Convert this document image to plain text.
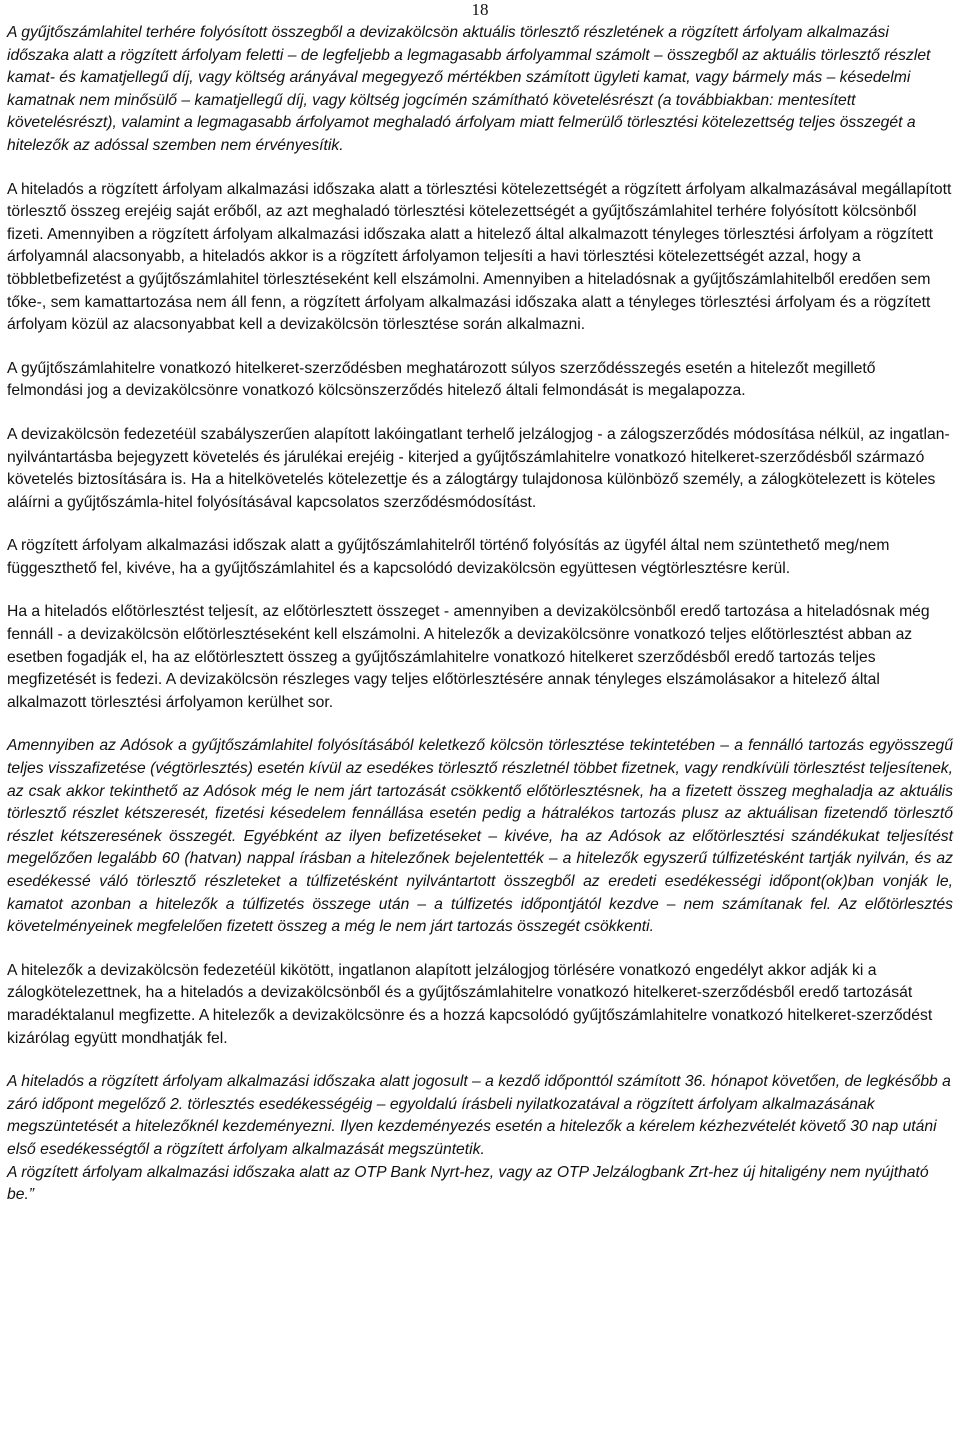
18

A gyűjtőszámlahitel terhére folyósított összegből a devizakölcsön aktuális törlesztő részletének a rögzített árfolyam alkalmazási időszaka alatt a rögzített árfolyam feletti – de legfeljebb a legmagasabb árfolyammal számolt – összegből az aktuális törlesztő részlet kamat- és kamatjellegű díj, vagy költség arányával megegyező mértékben számított ügyleti kamat, vagy bármely más – késedelmi kamatnak nem minősülő – kamatjellegű díj, vagy költség jogcímén számítható követelésrészt (a továbbiakban: mentesített követelésrészt), valamint a legmagasabb árfolyamot meghaladó árfolyam miatt felmerülő törlesztési kötelezettség teljes összegét a hitelezők az adóssal szemben nem érvényesítik.

A hiteladós a rögzített árfolyam alkalmazási időszaka alatt a törlesztési kötelezettségét a rögzített árfolyam alkalmazásával megállapított törlesztő összeg erejéig saját erőből, az azt meghaladó törlesztési kötelezettségét a gyűjtőszámlahitel terhére folyósított kölcsönből fizeti. Amennyiben a rögzített árfolyam alkalmazási időszaka alatt a hitelező által alkalmazott tényleges törlesztési árfolyam a rögzített árfolyamnál alacsonyabb, a hiteladós akkor is a rögzített árfolyamon teljesíti a havi törlesztési kötelezettségét azzal, hogy a többletbefizetést a gyűjtőszámlahitel törlesztéseként kell elszámolni. Amennyiben a hiteladósnak a gyűjtőszámlahitelből eredően sem tőke-, sem kamattartozása nem áll fenn, a rögzített árfolyam alkalmazási időszaka alatt a tényleges törlesztési árfolyam és a rögzített árfolyam közül az alacsonyabbat kell a devizakölcsön törlesztése során alkalmazni.

A gyűjtőszámlahitelre vonatkozó hitelkeret-szerződésben meghatározott súlyos szerződésszegés esetén a hitelezőt megillető felmondási jog a devizakölcsönre vonatkozó kölcsönszerződés hitelező általi felmondását is megalapozza.

A devizakölcsön fedezetéül szabályszerűen alapított lakóingatlant terhelő jelzálogjog - a zálogszerződés módosítása nélkül, az ingatlan-nyilvántartásba bejegyzett követelés és járulékai erejéig - kiterjed a gyűjtőszámlahitelre vonatkozó hitelkeret-szerződésből származó követelés biztosítására is. Ha a hitelkövetelés kötelezettje és a zálogtárgy tulajdonosa különböző személy, a zálogkötelezett is köteles aláírni a gyűjtőszámla-hitel folyósításával kapcsolatos szerződésmódosítást.

A rögzített árfolyam alkalmazási időszak alatt a gyűjtőszámlahitelről történő folyósítás az ügyfél által nem szüntethető meg/nem függeszthető fel, kivéve, ha a gyűjtőszámlahitel és a kapcsolódó devizakölcsön együttesen végtörlesztésre kerül.

Ha a hiteladós előtörlesztést teljesít, az előtörlesztett összeget - amennyiben a devizakölcsönből eredő tartozása a hiteladósnak még fennáll - a devizakölcsön előtörlesztéseként kell elszámolni. A hitelezők a devizakölcsönre vonatkozó teljes előtörlesztést abban az esetben fogadják el, ha az előtörlesztett összeg a gyűjtőszámlahitelre vonatkozó hitelkeret szerződésből eredő tartozás teljes megfizetését is fedezi. A devizakölcsön részleges vagy teljes előtörlesztésére annak tényleges elszámolásakor a hitelező által alkalmazott törlesztési árfolyamon kerülhet sor.

Amennyiben az Adósok a gyűjtőszámlahitel folyósításából keletkező kölcsön törlesztése tekintetében – a fennálló tartozás egyösszegű teljes visszafizetése (végtörlesztés) esetén kívül az esedékes törlesztő részletnél többet fizetnek, vagy rendkívüli törlesztést teljesítenek, az csak akkor tekinthető az Adósok még le nem járt tartozását csökkentő előtörlesztésnek, ha a fizetett összeg meghaladja az aktuális törlesztő részlet kétszeresét, fizetési késedelem fennállása esetén pedig a hátralékos tartozás plusz az aktuálisan fizetendő törlesztő részlet kétszeresének összegét. Egyébként az ilyen befizetéseket – kivéve, ha az Adósok az előtörlesztési szándékukat teljesítést megelőzően legalább 60 (hatvan) nappal írásban a hitelezőnek bejelentették – a hitelezők egyszerű túlfizetésként tartják nyilván, és az esedékessé váló törlesztő részleteket a túlfizetésként nyilvántartott összegből az eredeti esedékességi időpont(ok)ban vonják le, kamatot azonban a hitelezők a túlfizetés összege után – a túlfizetés időpontjától kezdve – nem számítanak fel. Az előtörlesztés követelményeinek megfelelően fizetett összeg a még le nem járt tartozás összegét csökkenti.

A hitelezők a devizakölcsön fedezetéül kikötött, ingatlanon alapított jelzálogjog törlésére vonatkozó engedélyt akkor adják ki a zálogkötelezettnek, ha a hiteladós a devizakölcsönből és a gyűjtőszámlahitelre vonatkozó hitelkeret-szerződésből eredő tartozását maradéktalanul megfizette. A hitelezők a devizakölcsönre és a hozzá kapcsolódó gyűjtőszámlahitelre vonatkozó hitelkeret-szerződést kizárólag együtt mondhatják fel.

A hiteladós a rögzített árfolyam alkalmazási időszaka alatt jogosult – a kezdő időponttól számított 36. hónapot követően, de legkésőbb a záró időpont megelőző 2. törlesztés esedékességéig – egyoldalú írásbeli nyilatkozatával a rögzített árfolyam alkalmazásának megszüntetését a hitelezőknél kezdeményezni. Ilyen kezdeményezés esetén a hitelezők a kérelem kézhezvételét követő 30 nap utáni első esedékességtől a rögzített árfolyam alkalmazását megszüntetik.

A rögzített árfolyam alkalmazási időszaka alatt az OTP Bank Nyrt-hez, vagy az OTP Jelzálogbank Zrt-hez új hitaligény nem nyújtható be.”
